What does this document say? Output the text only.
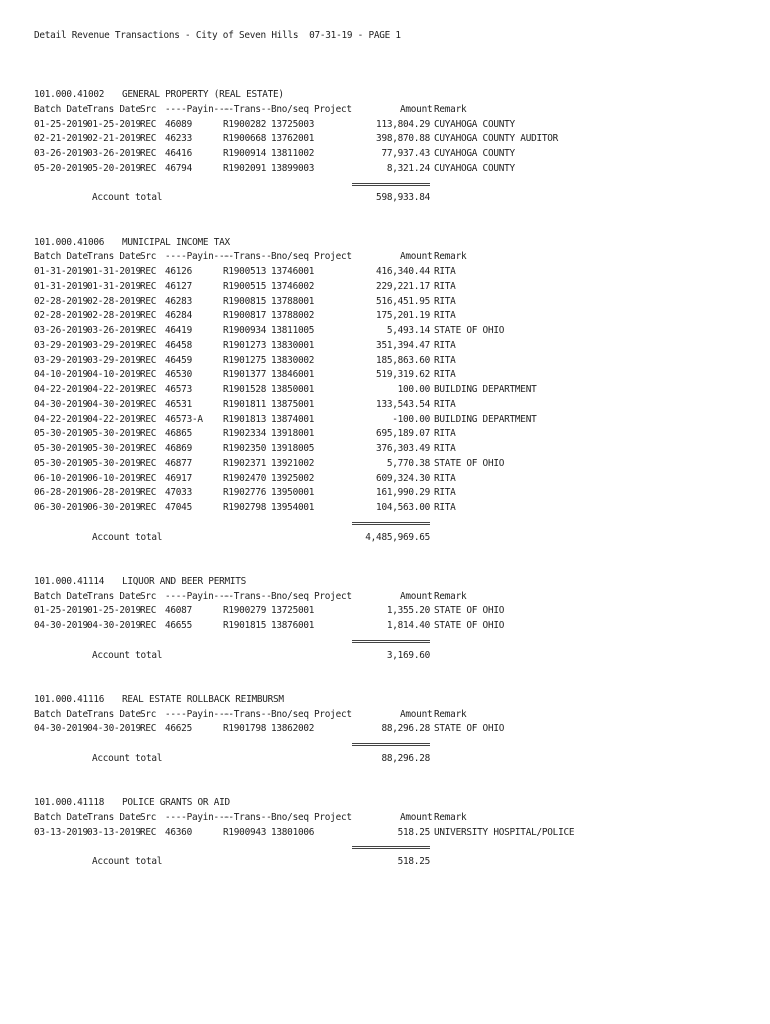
Detail Revenue Transactions - City of Seven Hills  07-31-19 - PAGE 1

101.000.41002 GENERAL PROPERTY (REAL ESTATE)
Batch Date Trans Date Src ----Payin---
--Trans-- Bno/seq Project	Amount Remark
01-25-2019 01-25-2019 REC 46089	R1900282 13725003	113,804.29 CUYAHOGA COUNTY
02-21-2019 02-21-2019 REC 46233	R1900668 13762001	398,870.88 CUYAHOGA COUNTY AUDITOR
03-26-2019 03-26-2019 REC 46416	R1900914 13811002	77,937.43 CUYAHOGA COUNTY
05-20-2019 05-20-2019 REC 46794	R1902091 13899003	8,321.24 CUYAHOGA COUNTY
Account total	598,933.84
101.000.41006 MUNICIPAL INCOME TAX
Batch Date Trans Date Src ----Payin---
--Trans-- Bno/seq Project	Amount Remark
01-31-2019 01-31-2019 REC 46126	R1900513 13746001	416,340.44 RITA
01-31-2019 01-31-2019 REC 46127	R1900515 13746002	229,221.17 RITA
02-28-2019 02-28-2019 REC 46283	R1900815 13788001	516,451.95 RITA
02-28-2019 02-28-2019 REC 46284	R1900817 13788002	175,201.19 RITA
03-26-2019 03-26-2019 REC 46419	R1900934 13811005	5,493.14 STATE OF OHIO
03-29-2019 03-29-2019 REC 46458	R1901273 13830001	351,394.47 RITA
03-29-2019 03-29-2019 REC 46459	R1901275 13830002	185,863.60 RITA
04-10-2019 04-10-2019 REC 46530	R1901377 13846001	519,319.62 RITA
04-22-2019 04-22-2019 REC 46573	R1901528 13850001	100.00 BUILDING DEPARTMENT
04-30-2019 04-30-2019 REC 46531	R1901811 13875001	133,543.54 RITA
04-22-2019 04-22-2019 REC 46573-A R1901813 13874001	-100.00 BUILDING DEPARTMENT
05-30-2019 05-30-2019 REC 46865	R1902334 13918001	695,189.07 RITA
05-30-2019 05-30-2019 REC 46869	R1902350 13918005	376,303.49 RITA
05-30-2019 05-30-2019 REC 46877	R1902371 13921002	5,770.38 STATE OF OHIO
06-10-2019 06-10-2019 REC 46917	R1902470 13925002	609,324.30 RITA
06-28-2019 06-28-2019 REC 47033	R1902776 13950001	161,990.29 RITA
06-30-2019 06-30-2019 REC 47045	R1902798 13954001	104,563.00 RITA
Account total	4,485,969.65
101.000.41114 LIQUOR AND BEER PERMITS
Batch Date Trans Date Src ----Payin---
--Trans-- Bno/seq Project	Amount Remark
01-25-2019 01-25-2019 REC 46087	R1900279 13725001	1,355.20 STATE OF OHIO
04-30-2019 04-30-2019 REC 46655	R1901815 13876001	1,814.40 STATE OF OHIO
Account total	3,169.60
101.000.41116 REAL ESTATE ROLLBACK REIMBURSM
Batch Date Trans Date Src ----Payin---
--Trans-- Bno/seq Project	Amount Remark
04-30-2019 04-30-2019 REC 46625	R1901798 13862002	88,296.28 STATE OF OHIO
Account total	88,296.28
101.000.41118 POLICE GRANTS OR AID
Batch Date Trans Date Src ----Payin---
--Trans-- Bno/seq Project	Amount Remark
03-13-2019 03-13-2019 REC 46360	R1900943 13801006	518.25 UNIVERSITY HOSPITAL/POLICE
Account total	518.25
